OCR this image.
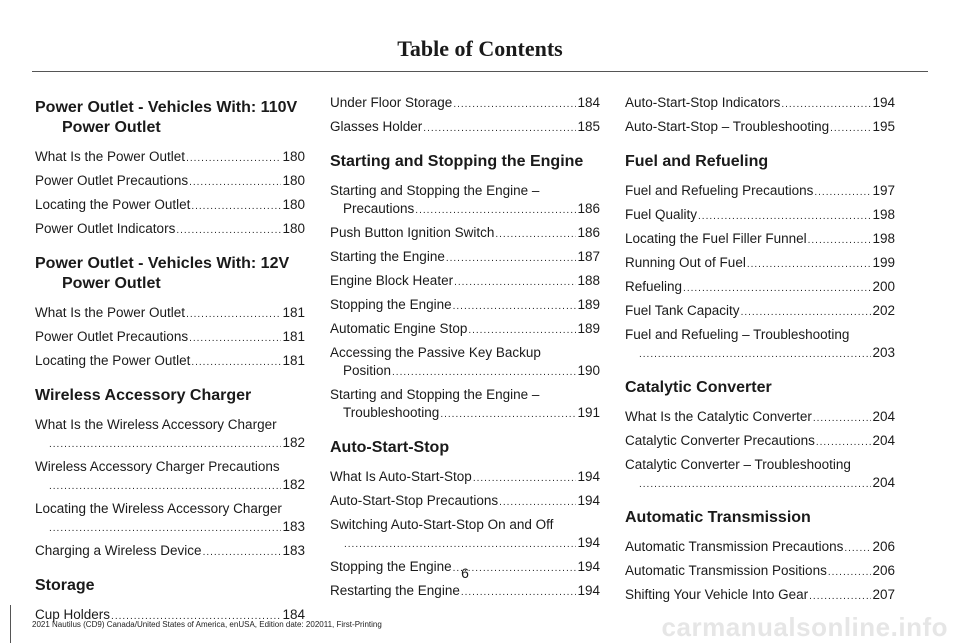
Table of Contents
Power Outlet - Vehicles With: 110V Power Outlet
What Is the Power Outlet .....	180
Power Outlet Precautions .....	180
Locating the Power Outlet .....	180
Power Outlet Indicators .....	180
Power Outlet - Vehicles With: 12V Power Outlet
What Is the Power Outlet .....	181
Power Outlet Precautions .....	181
Locating the Power Outlet .....	181
Wireless Accessory Charger
What Is the Wireless Accessory Charger
.....
182
Wireless Accessory Charger Precautions
.....
182
Locating the Wireless Accessory Charger
.....
183
Charging a Wireless Device .....	183
Storage
Cup Holders .....	184
Under Floor Storage .....	184
Glasses Holder .....	185
Starting and Stopping the Engine
Starting and Stopping the Engine –
Precautions .....	186
Push Button Ignition Switch .....	186
Starting the Engine .....	187
Engine Block Heater .....	188
Stopping the Engine .....	189
Automatic Engine Stop .....	189
Accessing the Passive Key Backup
Position .....	190
Starting and Stopping the Engine –
Troubleshooting .....	191
Auto-Start-Stop
What Is Auto-Start-Stop .....	194
Auto-Start-Stop Precautions .....	194
Switching Auto-Start-Stop On and Off
.....
194
Stopping the Engine .....	194
Restarting the Engine .....	194
Auto-Start-Stop Indicators .....	194
Auto-Start-Stop – Troubleshooting .....	195
Fuel and Refueling
Fuel and Refueling Precautions .....	197
Fuel Quality .....	198
Locating the Fuel Filler Funnel .....	198
Running Out of Fuel .....	199
Refueling .....	200
Fuel Tank Capacity .....	202
Fuel and Refueling – Troubleshooting
.....
203
Catalytic Converter
What Is the Catalytic Converter .....	204
Catalytic Converter Precautions .....	204
Catalytic Converter – Troubleshooting
.....
204
Automatic Transmission
Automatic Transmission Precautions ..... 206
Automatic Transmission Positions .....	206
Shifting Your Vehicle Into Gear .....	207
6
2021 Nautilus (CD9) Canada/United States of America, enUSA, Edition date: 202011, First-Printing	carmanualsonline.info
